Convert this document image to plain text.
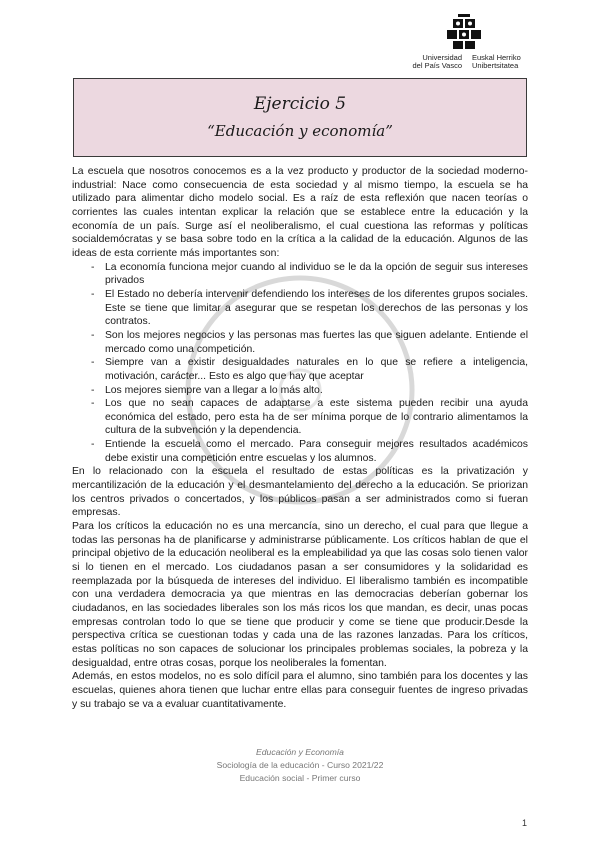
Universidad
del País Vasco
Euskal Herriko
Unibertsitatea
Ejercicio 5
“Educación y economía”

La escuela que nosotros conocemos es a la vez producto y productor de la sociedad moderno-industrial: Nace como consecuencia de esta sociedad y al mismo tiempo, la escuela se ha utilizado para alimentar dicho modelo social. Es a raíz de esta reflexión que nacen teorías o corrientes las cuales intentan explicar la relación que se establece entre la educación y la economía de un país. Surge así el neoliberalismo, el cual cuestiona las reformas y políticas socialdemócratas y se basa sobre todo en la crítica a la calidad de la educación. Algunos de las ideas de esta corriente más importantes son:

- La economía funciona mejor cuando al individuo se le da la opción de seguir sus intereses privados
- El Estado no debería intervenir defendiendo los intereses de los diferentes grupos sociales. Este se tiene que limitar a asegurar que se respetan los derechos de las personas y los contratos.
- Son los mejores negocios y las personas mas fuertes las que siguen adelante. Entiende el mercado como una competición.
- Siempre van a existir desigualdades naturales en lo que se refiere a inteligencia, motivación, carácter... Esto es algo que hay que aceptar
- Los mejores siempre van a llegar a lo más alto.
- Los que no sean capaces de adaptarse a este sistema pueden recibir una ayuda económica del estado, pero esta ha de ser mínima porque de lo contrario alimentamos la cultura de la subvención y la dependencia.
- Entiende la escuela como el mercado. Para conseguir mejores resultados académicos debe existir una competición entre escuelas y los alumnos.

En lo relacionado con la escuela el resultado de estas políticas es la privatización y mercantilización de la educación y el desmantelamiento del derecho a la educación. Se priorizan los centros privados o concertados, y los públicos pasan a ser administrados como si fueran empresas.

Para los críticos la educación no es una mercancía, sino un derecho, el cual para que llegue a todas las personas ha de planificarse y administrarse públicamente. Los críticos hablan de que el principal objetivo de la educación neoliberal es la empleabilidad ya que las cosas solo tienen valor si lo tienen en el mercado. Los ciudadanos pasan a ser consumidores y la solidaridad es reemplazada por la búsqueda de intereses del individuo. El liberalismo también es incompatible con una verdadera democracia ya que mientras en las democracias deberían gobernar los ciudadanos, en las sociedades liberales son los más ricos los que mandan, es decir, unas pocas empresas controlan todo lo que se tiene que producir y come se tiene que producir.Desde la perspectiva crítica se cuestionan todas y cada una de las razones lanzadas. Para los críticos, estas políticas no son capaces de solucionar los principales problemas sociales, la pobreza y la desigualdad, entre otras cosas, porque los neoliberales la fomentan.

Además, en estos modelos, no es solo difícil para el alumno, sino también para los docentes y las escuelas, quienes ahora tienen que luchar entre ellas para conseguir fuentes de ingreso privadas y su trabajo se va a evaluar cuantitativamente.

Educación y Economía
Sociología de la educación - Curso 2021/22
Educación social - Primer curso
1
